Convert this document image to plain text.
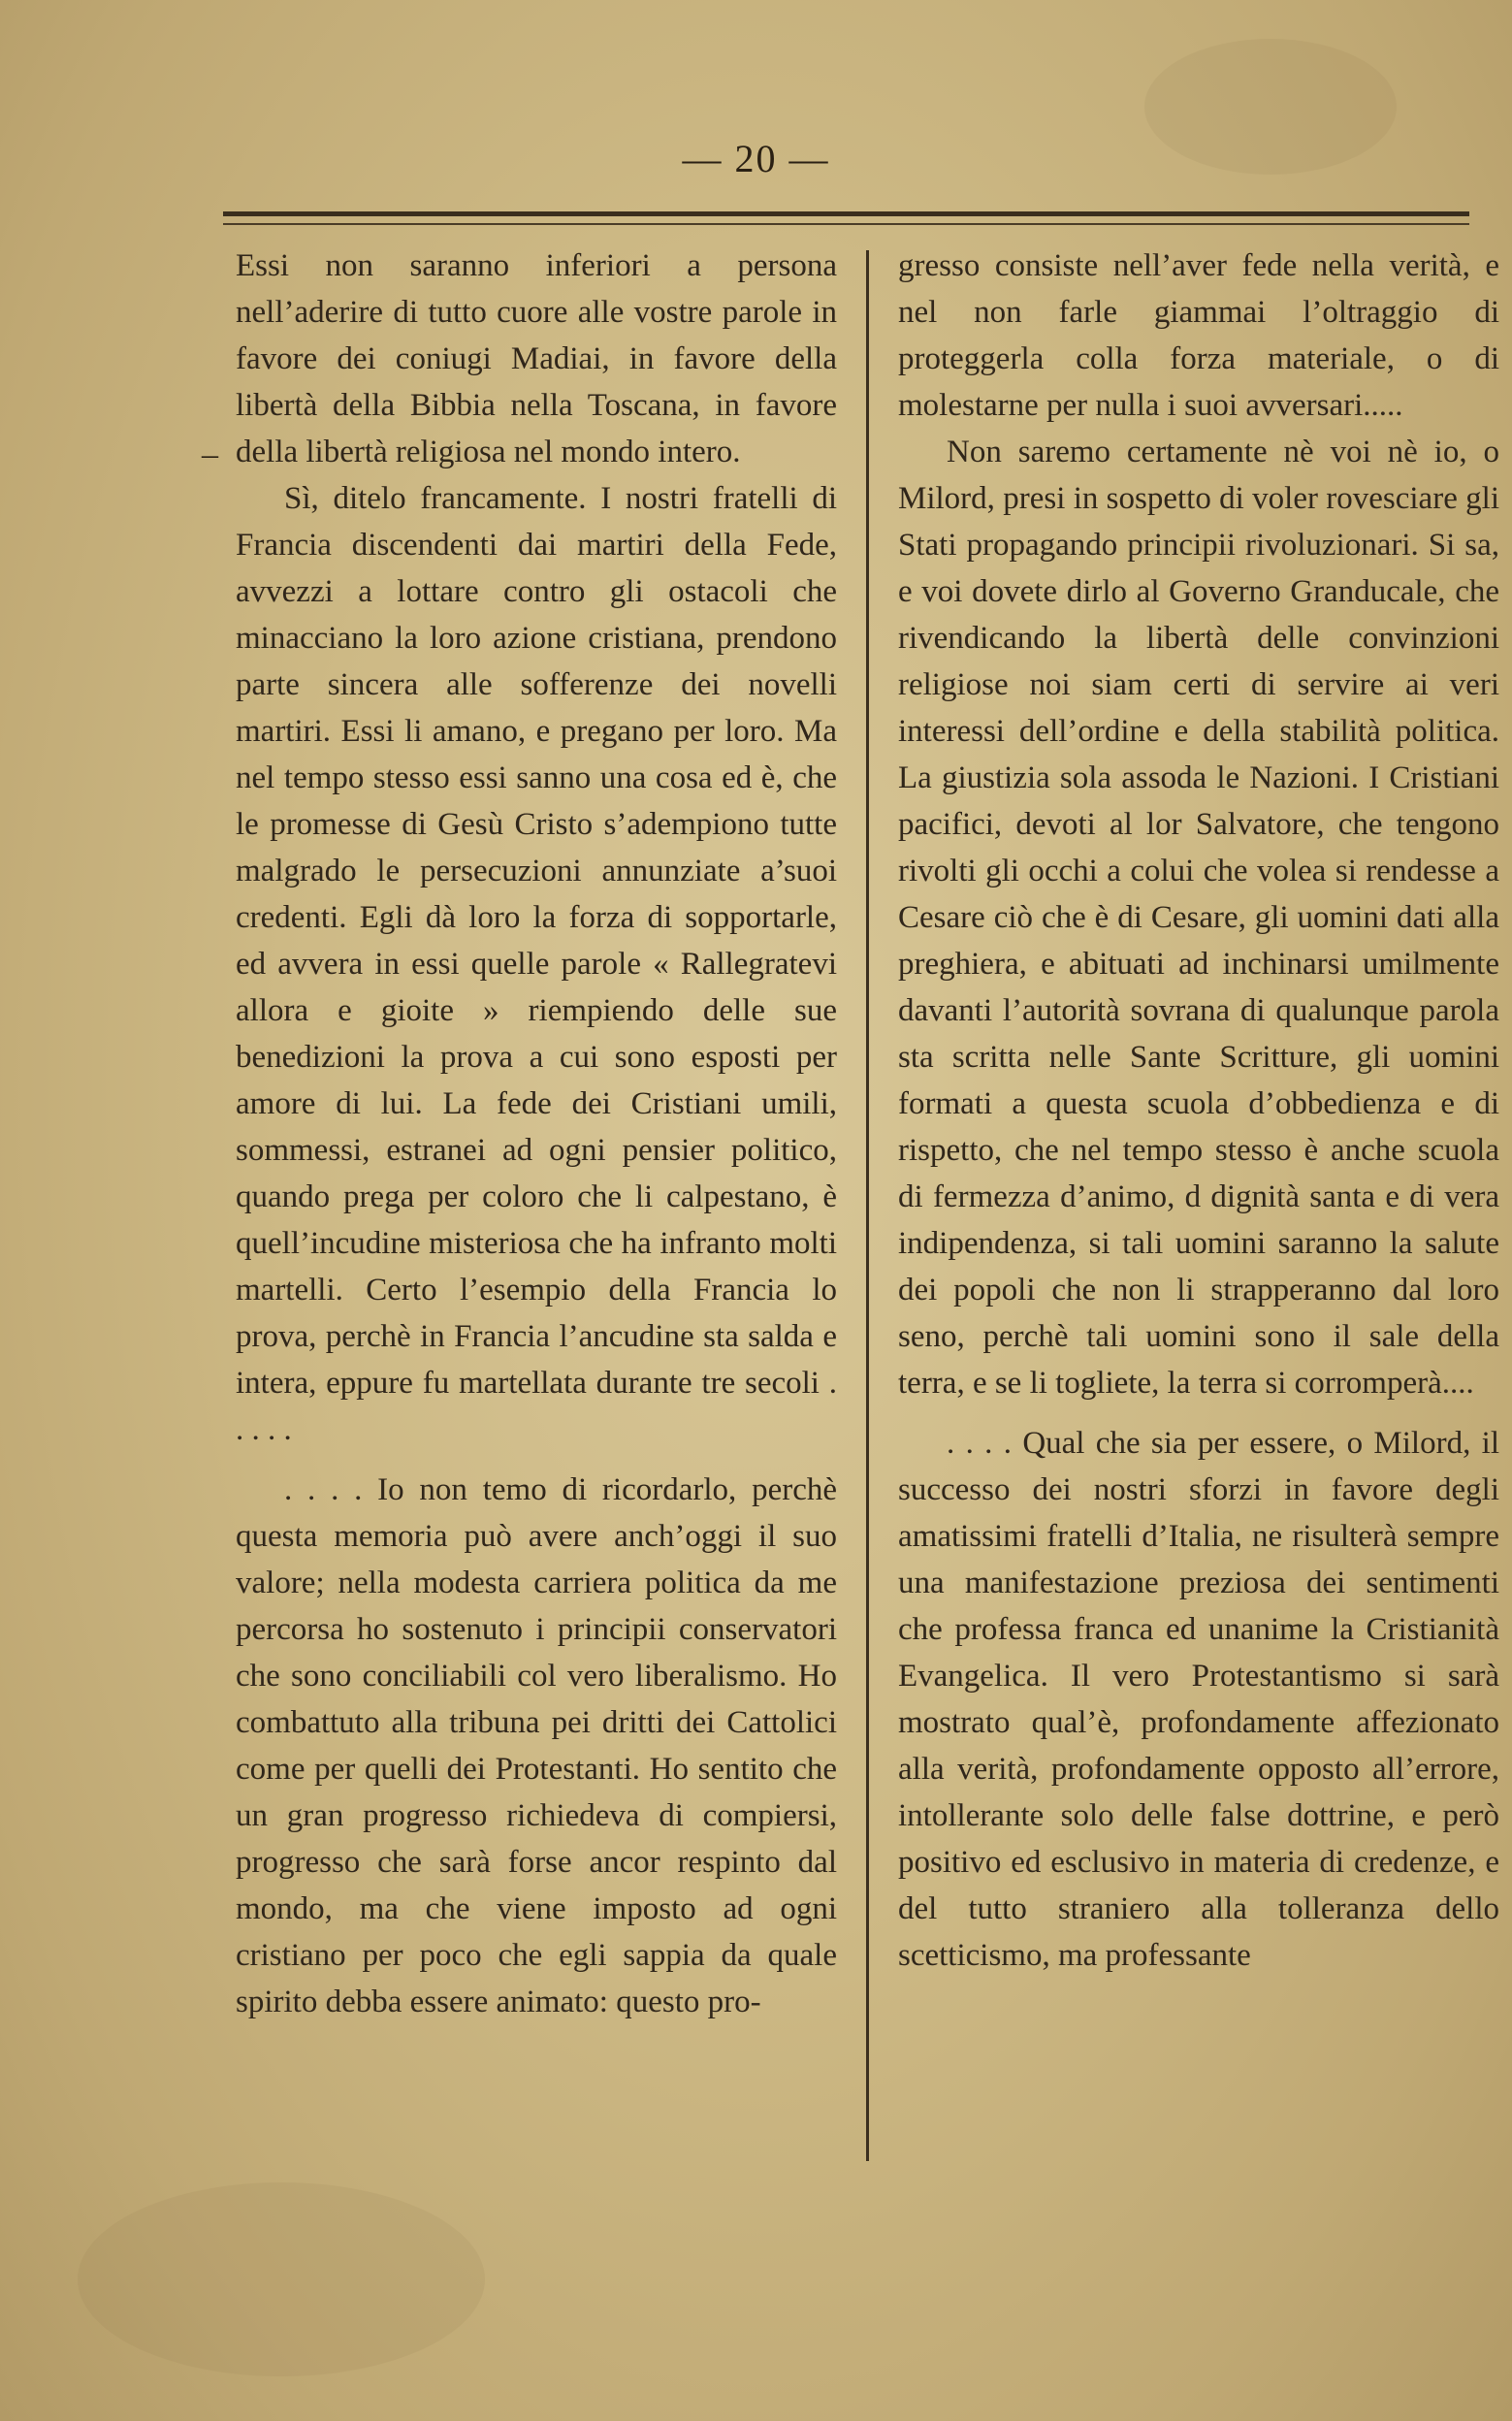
— 20 —
–

Essi non saranno inferiori a persona nell’aderire di tutto cuore alle vostre parole in favore dei coniugi Madiai, in favore della libertà della Bibbia nella Toscana, in favore della libertà religiosa nel mondo intero.

Sì, ditelo francamente. I nostri fratelli di Francia discendenti dai martiri della Fede, avvezzi a lottare contro gli ostacoli che minacciano la loro azione cristiana, prendono parte sincera alle sofferenze dei novelli martiri. Essi li amano, e pregano per loro. Ma nel tempo stesso essi sanno una cosa ed è, che le promesse di Gesù Cristo s’adempiono tutte malgrado le persecuzioni annunziate a’suoi credenti. Egli dà loro la forza di sopportarle, ed avvera in essi quelle parole « Rallegratevi allora e gioite » riempiendo delle sue benedizioni la prova a cui sono esposti per amore di lui. La fede dei Cristiani umili, sommessi, estranei ad ogni pensier politico, quando prega per coloro che li calpestano, è quell’incudine misteriosa che ha infranto molti martelli. Certo l’esempio della Francia lo prova, perchè in Francia l’ancudine sta salda e intera, eppure fu martellata durante tre secoli . . . . .

. . . . Io non temo di ricordarlo, perchè questa memoria può avere anch’oggi il suo valore; nella modesta carriera politica da me percorsa ho sostenuto i principii conservatori che sono conciliabili col vero liberalismo. Ho combattuto alla tribuna pei dritti dei Cattolici come per quelli dei Protestanti. Ho sentito che un gran progresso richiedeva di compiersi, progresso che sarà forse ancor respinto dal mondo, ma che viene imposto ad ogni cristiano per poco che egli sappia da quale spirito debba essere animato: questo pro-

gresso consiste nell’aver fede nella verità, e nel non farle giammai l’oltraggio di proteggerla colla forza materiale, o di molestarne per nulla i suoi avversari.....

Non saremo certamente nè voi nè io, o Milord, presi in sospetto di voler rovesciare gli Stati propagando principii rivoluzionari. Si sa, e voi dovete dirlo al Governo Granducale, che rivendicando la libertà delle convinzioni religiose noi siam certi di servire ai veri interessi dell’ordine e della stabilità politica. La giustizia sola assoda le Nazioni. I Cristiani pacifici, devoti al lor Salvatore, che tengono rivolti gli occhi a colui che volea si rendesse a Cesare ciò che è di Cesare, gli uomini dati alla preghiera, e abituati ad inchinarsi umilmente davanti l’autorità sovrana di qualunque parola sta scritta nelle Sante Scritture, gli uomini formati a questa scuola d’obbedienza e di rispetto, che nel tempo stesso è anche scuola di fermezza d’animo, d dignità santa e di vera indipendenza, si tali uomini saranno la salute dei popoli che non li strapperanno dal loro seno, perchè tali uomini sono il sale della terra, e se li togliete, la terra si corromperà....

. . . . Qual che sia per essere, o Milord, il successo dei nostri sforzi in favore degli amatissimi fratelli d’Italia, ne risulterà sempre una manifestazione preziosa dei sentimenti che professa franca ed unanime la Cristianità Evangelica. Il vero Protestantismo si sarà mostrato qual’è, profondamente affezionato alla verità, profondamente opposto all’errore, intollerante solo delle false dottrine, e però positivo ed esclusivo in materia di credenze, e del tutto straniero alla tolleranza dello scetticismo, ma professante
